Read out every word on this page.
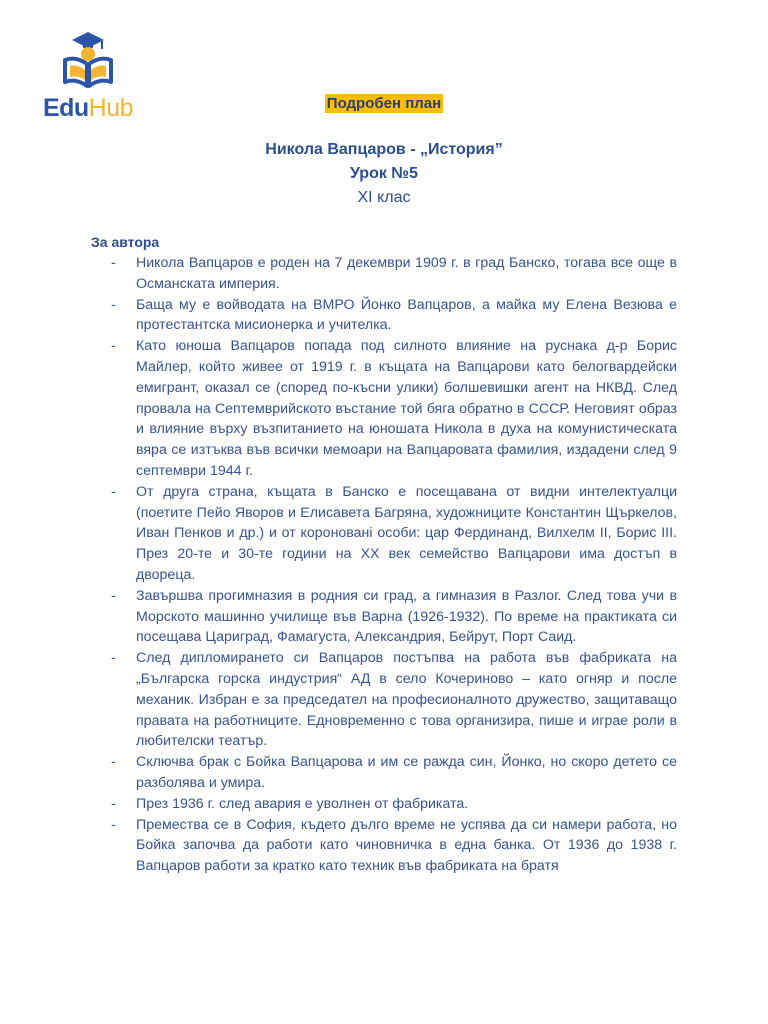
EduHub	Подробен план
Никола Вапцаров - „История”
Урок №5
XI клас
За автора
- Никола Вапцаров е роден на 7 декември 1909 г. в град Банско, тогава все още в Османската империя.
- Баща му е войводата на ВМРО Йонко Вапцаров, а майка му Елена Везюва е протестантска мисионерка и учителка.
- Като юноша Вапцаров попада под силното влияние на руснака д-р Борис Майлер, който живее от 1919 г. в къщата на Вапцарови като белогвардейски емигрант, оказал се (според по-късни улики) болшевишки агент на НКВД. След провала на Септемврийското въстание той бяга обратно в СССР. Неговият образ и влияние върху възпитанието на юношата Никола в духа на комунистическата вяра се изтъква във всички мемоари на Вапцаровата фамилия, издадени след 9 септември 1944 г.
- От друга страна, къщата в Банско е посещавана от видни интелектуалци (поетите Пейо Яворов и Елисавета Багряна, художниците Константин Щъркелов, Иван Пенков и др.) и от коронованi особи: цар Фердинанд, Вилхелм II, Борис III. През 20-те и 30-те години на XX век семейство Вапцарови има достъп в двореца.
- Завършва прогимназия в родния си град, а гимназия в Разлог. След това учи в Морското машинно училище във Варна (1926-1932). По време на практиката си посещава Цариград, Фамагуста, Александрия, Бейрут, Порт Саид.
- След дипломирането си Вапцаров постъпва на работа във фабриката на „Българска горска индустрия“ АД в село Кочериново – като огняр и после механик. Избран е за председател на професионалното дружество, защитаващо правата на работниците. Едновременно с това организира, пише и играе роли в любителски театър.
- Сключва брак с Бойка Вапцарова и им се ражда син, Йонко, но скоро детето се разболява и умира.
- През 1936 г. след авария е уволнен от фабриката.
- Премества се в София, където дълго време не успява да си намери работа, но Бойка започва да работи като чиновничка в една банка. От 1936 до 1938 г. Вапцаров работи за кратко като техник във фабриката на братя
